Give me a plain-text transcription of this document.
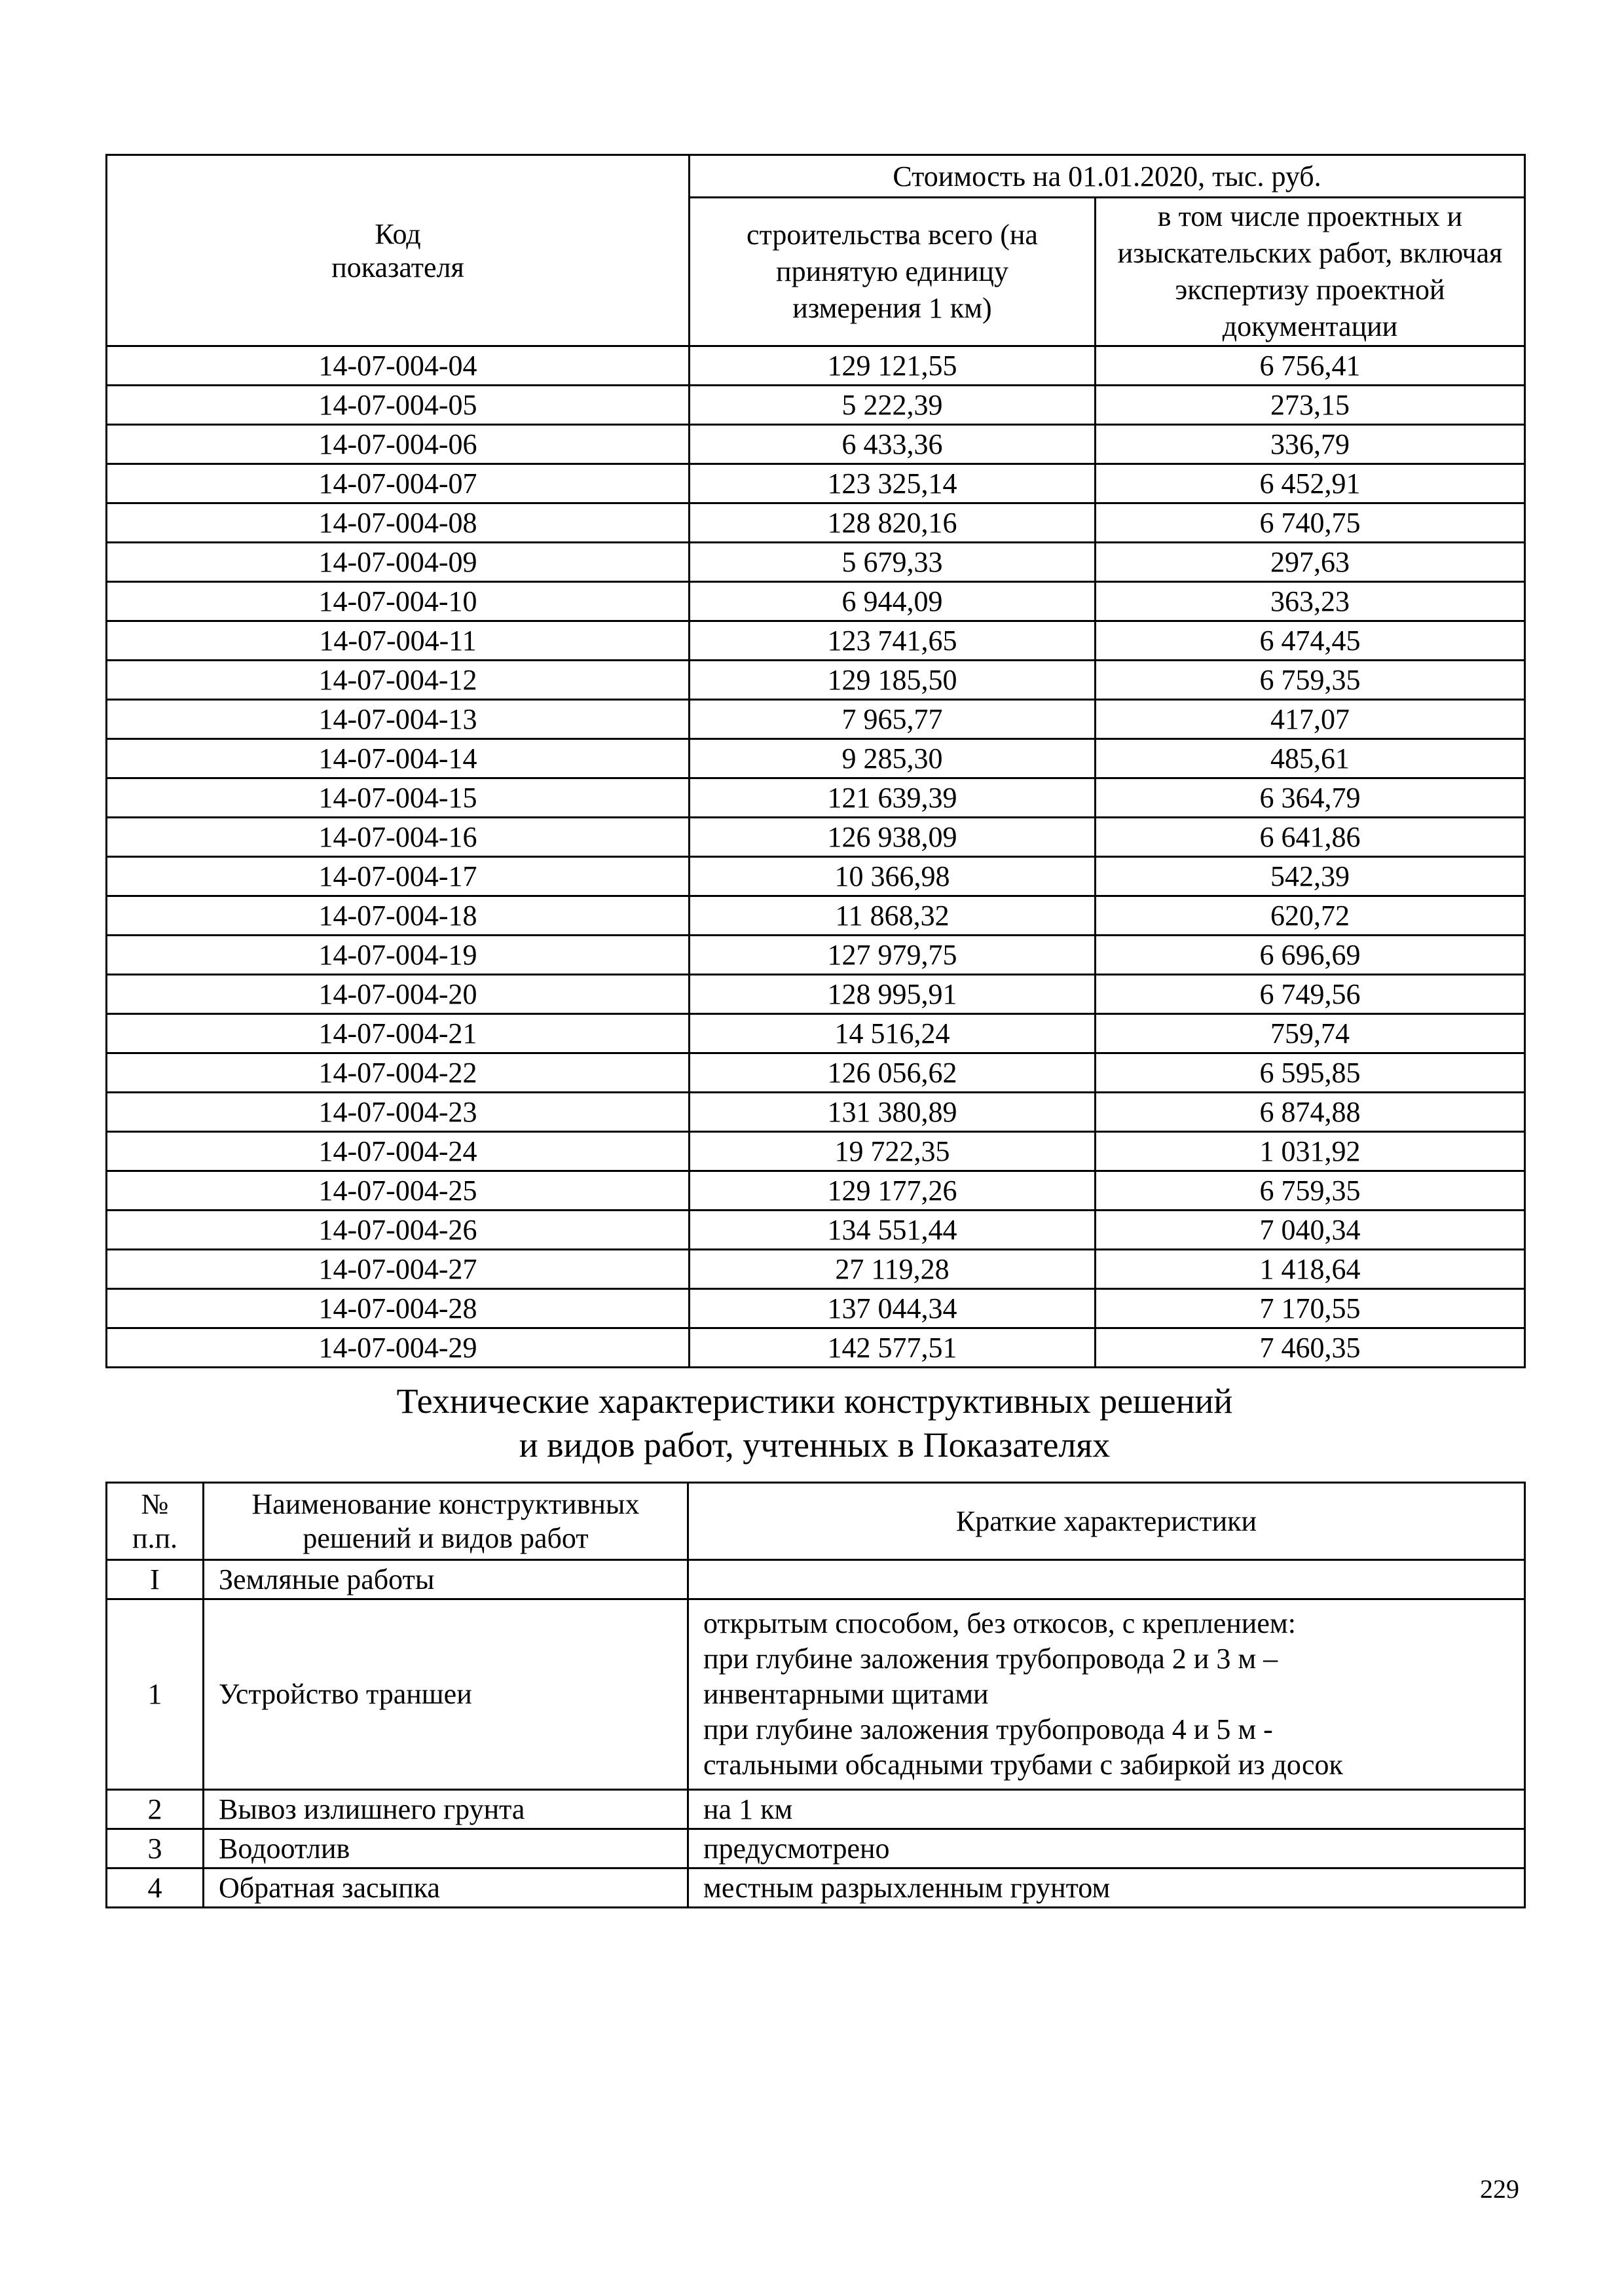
Код
показателя	Стоимость на 01.01.2020, тыс. руб.	
	строительства всего (на принятую единицу измерения 1 км)	в том числе проектных и изыскательских работ, включая экспертизу проектной документации
14-07-004-04	129 121,55	6 756,41
14-07-004-05	5 222,39	273,15
14-07-004-06	6 433,36	336,79
14-07-004-07	123 325,14	6 452,91
14-07-004-08	128 820,16	6 740,75
14-07-004-09	5 679,33	297,63
14-07-004-10	6 944,09	363,23
14-07-004-11	123 741,65	6 474,45
14-07-004-12	129 185,50	6 759,35
14-07-004-13	7 965,77	417,07
14-07-004-14	9 285,30	485,61
14-07-004-15	121 639,39	6 364,79
14-07-004-16	126 938,09	6 641,86
14-07-004-17	10 366,98	542,39
14-07-004-18	11 868,32	620,72
14-07-004-19	127 979,75	6 696,69
14-07-004-20	128 995,91	6 749,56
14-07-004-21	14 516,24	759,74
14-07-004-22	126 056,62	6 595,85
14-07-004-23	131 380,89	6 874,88
14-07-004-24	19 722,35	1 031,92
14-07-004-25	129 177,26	6 759,35
14-07-004-26	134 551,44	7 040,34
14-07-004-27	27 119,28	1 418,64
14-07-004-28	137 044,34	7 170,55
14-07-004-29	142 577,51	7 460,35
Технические характеристики конструктивных решений
и видов работ, учтенных в Показателях
№
п.п.	Наименование конструктивных решений и видов работ	Краткие характеристики
I	Земляные работы	
1	Устройство траншеи	открытым способом, без откосов, с креплением:
при глубине заложения трубопровода 2 и 3 м –
инвентарными щитами
при глубине заложения трубопровода 4 и 5 м -
стальными обсадными трубами с забиркой из досок
2	Вывоз излишнего грунта	на 1 км
3	Водоотлив	предусмотрено
4	Обратная засыпка	местным разрыхленным грунтом
229
